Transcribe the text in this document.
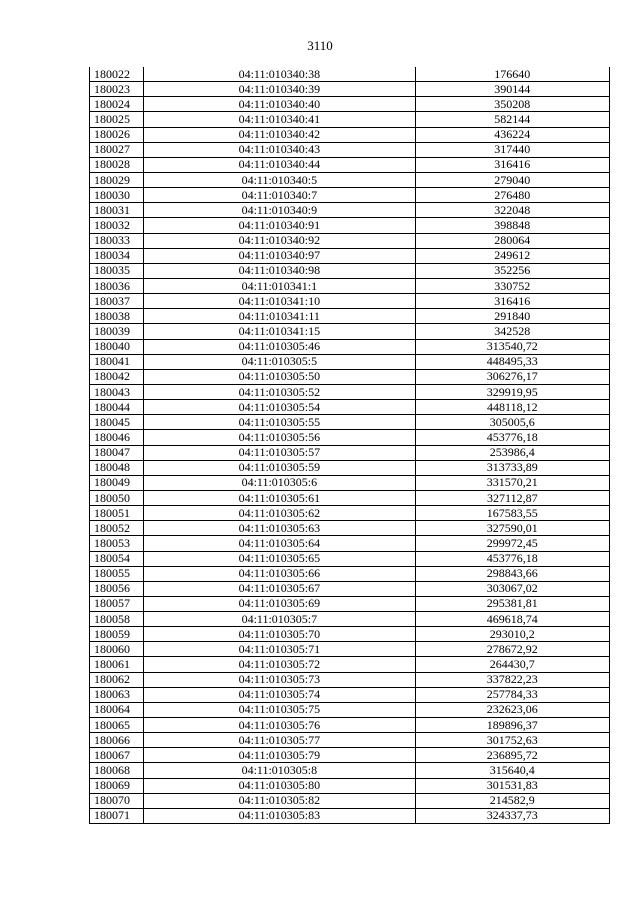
3110
180022	04:11:010340:38	176640
180023	04:11:010340:39	390144
180024	04:11:010340:40	350208
180025	04:11:010340:41	582144
180026	04:11:010340:42	436224
180027	04:11:010340:43	317440
180028	04:11:010340:44	316416
180029	04:11:010340:5	279040
180030	04:11:010340:7	276480
180031	04:11:010340:9	322048
180032	04:11:010340:91	398848
180033	04:11:010340:92	280064
180034	04:11:010340:97	249612
180035	04:11:010340:98	352256
180036	04:11:010341:1	330752
180037	04:11:010341:10	316416
180038	04:11:010341:11	291840
180039	04:11:010341:15	342528
180040	04:11:010305:46	313540,72
180041	04:11:010305:5	448495,33
180042	04:11:010305:50	306276,17
180043	04:11:010305:52	329919,95
180044	04:11:010305:54	448118,12
180045	04:11:010305:55	305005,6
180046	04:11:010305:56	453776,18
180047	04:11:010305:57	253986,4
180048	04:11:010305:59	313733,89
180049	04:11:010305:6	331570,21
180050	04:11:010305:61	327112,87
180051	04:11:010305:62	167583,55
180052	04:11:010305:63	327590,01
180053	04:11:010305:64	299972,45
180054	04:11:010305:65	453776,18
180055	04:11:010305:66	298843,66
180056	04:11:010305:67	303067,02
180057	04:11:010305:69	295381,81
180058	04:11:010305:7	469618,74
180059	04:11:010305:70	293010,2
180060	04:11:010305:71	278672,92
180061	04:11:010305:72	264430,7
180062	04:11:010305:73	337822,23
180063	04:11:010305:74	257784,33
180064	04:11:010305:75	232623,06
180065	04:11:010305:76	189896,37
180066	04:11:010305:77	301752,63
180067	04:11:010305:79	236895,72
180068	04:11:010305:8	315640,4
180069	04:11:010305:80	301531,83
180070	04:11:010305:82	214582,9
180071	04:11:010305:83	324337,73
